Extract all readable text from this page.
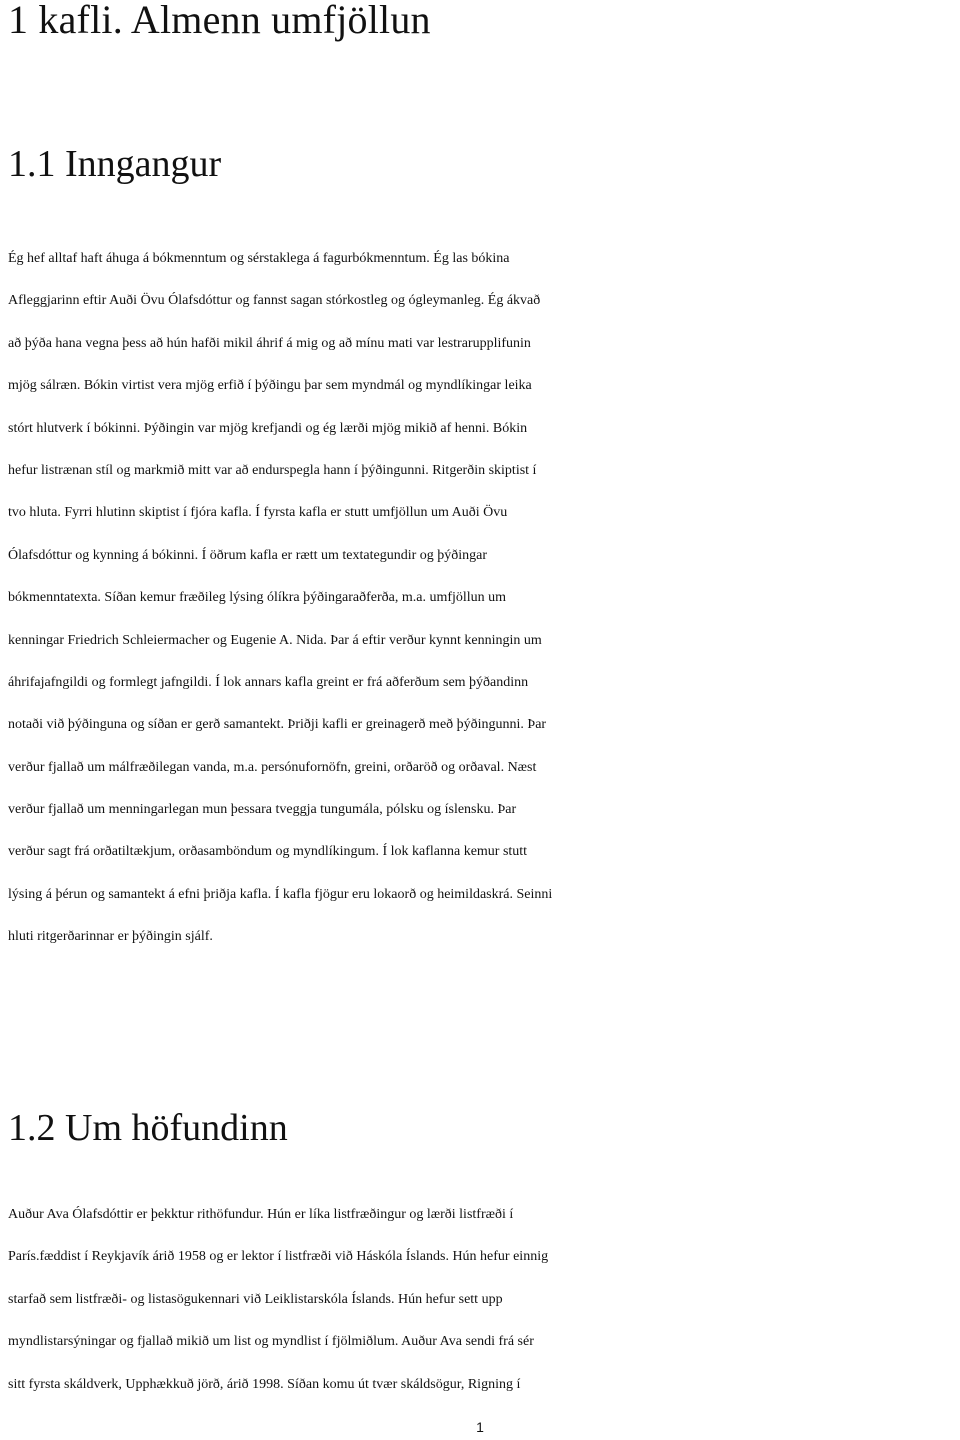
1 kafli. Almenn umfjöllun
1.1 Inngangur
Ég hef alltaf haft áhuga á bókmenntum og sérstaklega á fagurbókmenntum. Ég las bókina
Afleggjarinn eftir Auði Övu Ólafsdóttur og fannst sagan stórkostleg og ógleymanleg. Ég ákvað
að þýða hana vegna þess að hún hafði mikil áhrif á mig og að mínu mati var lestrarupplifunin
mjög sálræn. Bókin virtist vera mjög erfið í þýðingu þar sem myndmál og myndlíkingar leika
stórt hlutverk í bókinni. Þýðingin var mjög krefjandi og ég lærði mjög mikið af henni. Bókin
hefur listrænan stíl og markmið mitt var að endurspegla hann í þýðingunni. Ritgerðin skiptist í
tvo hluta. Fyrri hlutinn skiptist í fjóra kafla. Í fyrsta kafla er stutt umfjöllun um Auði Övu
Ólafsdóttur og kynning á bókinni. Í öðrum kafla er rætt um textategundir og þýðingar
bókmenntatexta. Síðan kemur fræðileg lýsing ólíkra þýðingaraðferða, m.a. umfjöllun um
kenningar Friedrich Schleiermacher og Eugenie A. Nida. Þar á eftir verður kynnt kenningin um
áhrifajafngildi og formlegt jafngildi. Í lok annars kafla greint er frá aðferðum sem þýðandinn
notaði við þýðinguna og síðan er gerð samantekt. Þriðji kafli er greinagerð með þýðingunni. Þar
verður fjallað um málfræðilegan vanda, m.a. persónufornöfn, greini, orðaröð og orðaval. Næst
verður fjallað um menningarlegan mun þessara tveggja tungumála, pólsku og íslensku. Þar
verður sagt frá orðatiltækjum, orðasamböndum og myndlíkingum. Í lok kaflanna kemur stutt
lýsing á þérun og samantekt á efni þriðja kafla. Í kafla fjögur eru lokaorð og heimildaskrá. Seinni
hluti ritgerðarinnar er þýðingin sjálf.
1.2 Um höfundinn
Auður Ava Ólafsdóttir er þekktur rithöfundur. Hún er líka listfræðingur og lærði listfræði í
París.fæddist í Reykjavík árið 1958 og er lektor í listfræði við Háskóla Íslands. Hún hefur einnig
starfað sem listfræði- og listasögukennari við Leiklistarskóla Íslands. Hún hefur sett upp
myndlistarsýningar og fjallað mikið um list og myndlist í fjölmiðlum. Auður Ava sendi frá sér
sitt fyrsta skáldverk, Upphækkuð jörð, árið 1998. Síðan komu út tvær skáldsögur, Rigning í
1
